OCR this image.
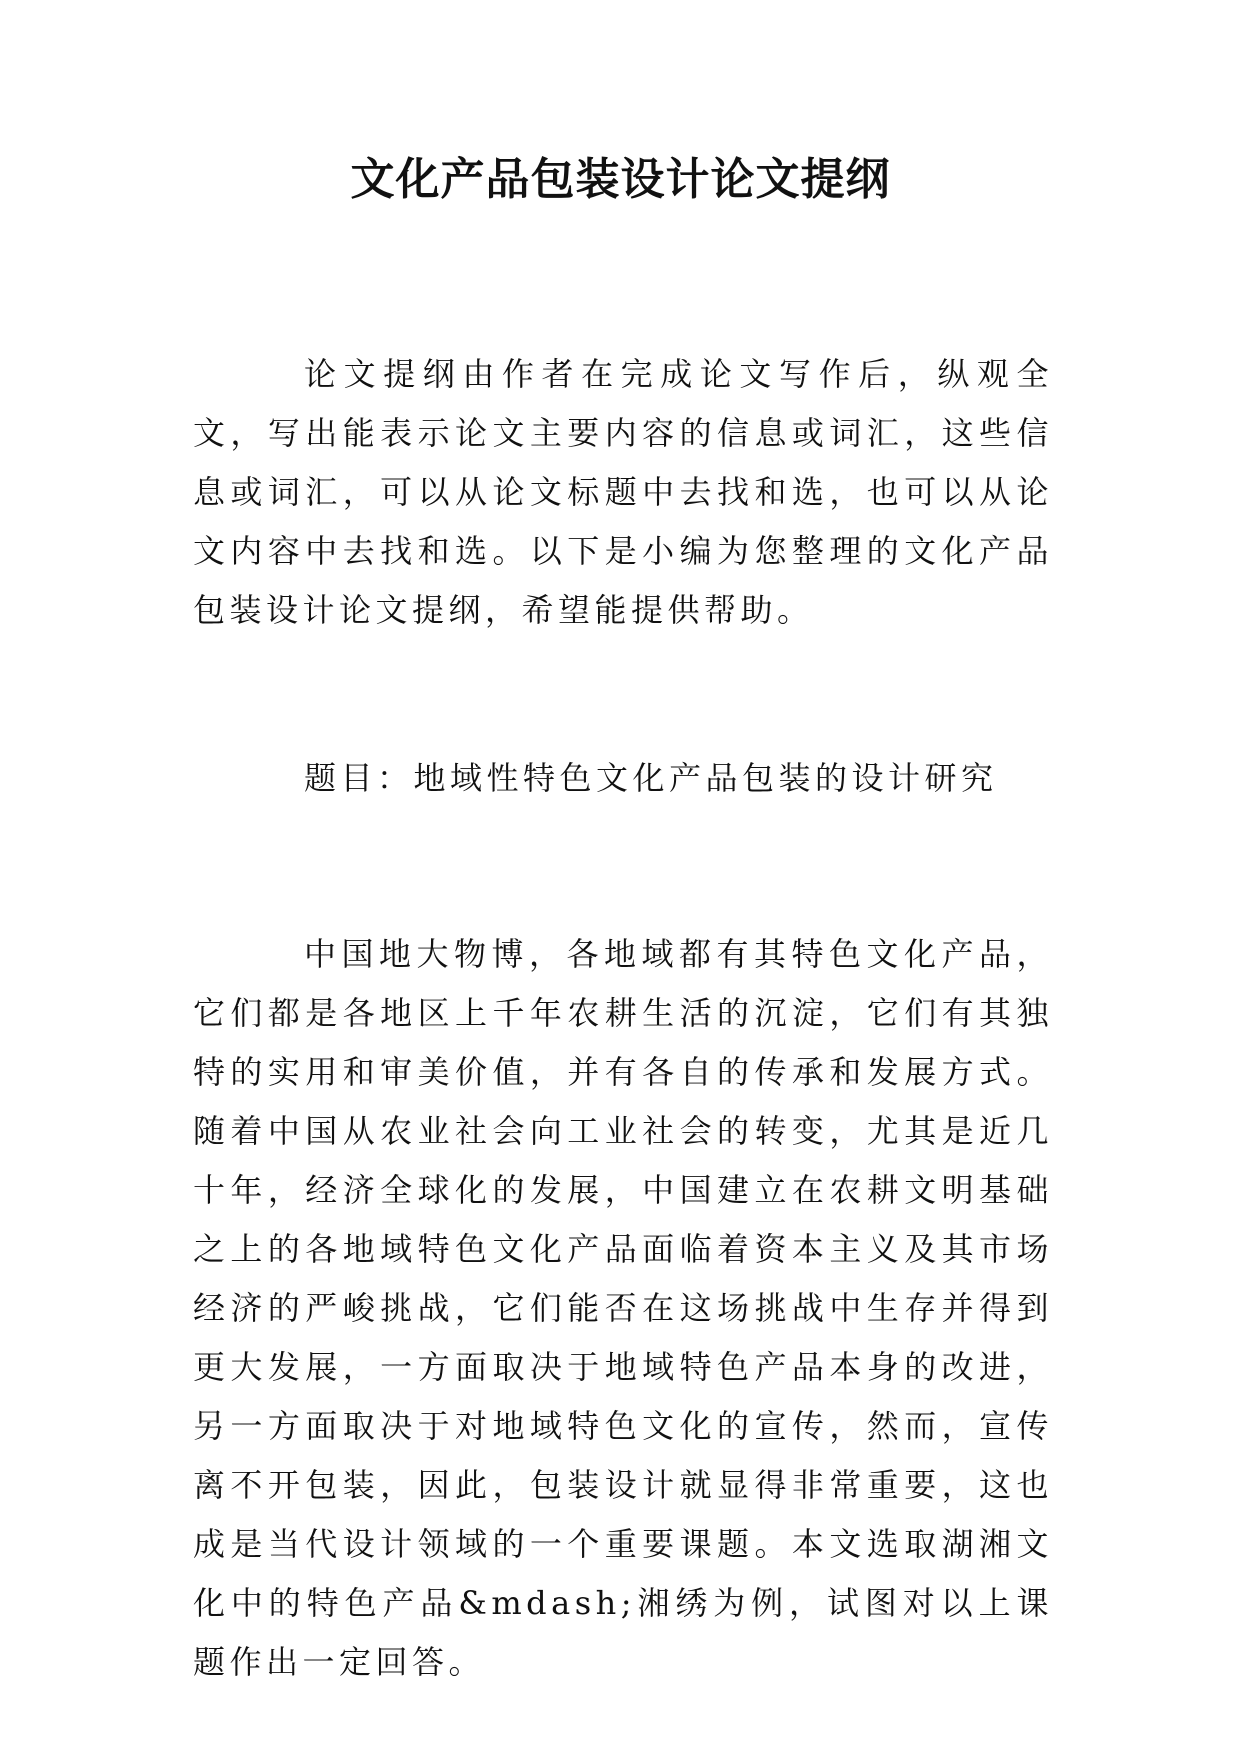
文化产品包装设计论文提纲

论文提纲由作者在完成论文写作后，纵观全文，写出能表示论文主要内容的信息或词汇，这些信息或词汇，可以从论文标题中去找和选，也可以从论文内容中去找和选。以下是小编为您整理的文化产品包装设计论文提纲，希望能提供帮助。

题目：地域性特色文化产品包装的设计研究

中国地大物博，各地域都有其特色文化产品，它们都是各地区上千年农耕生活的沉淀，它们有其独特的实用和审美价值，并有各自的传承和发展方式。随着中国从农业社会向工业社会的转变，尤其是近几十年，经济全球化的发展，中国建立在农耕文明基础之上的各地域特色文化产品面临着资本主义及其市场经济的严峻挑战，它们能否在这场挑战中生存并得到更大发展，一方面取决于地域特色产品本身的改进，另一方面取决于对地域特色文化的宣传，然而，宣传离不开包装，因此，包装设计就显得非常重要，这也成是当代设计领域的一个重要课题。本文选取湖湘文化中的特色产品&mdash;湘绣为例，试图对以上课题作出一定回答。
